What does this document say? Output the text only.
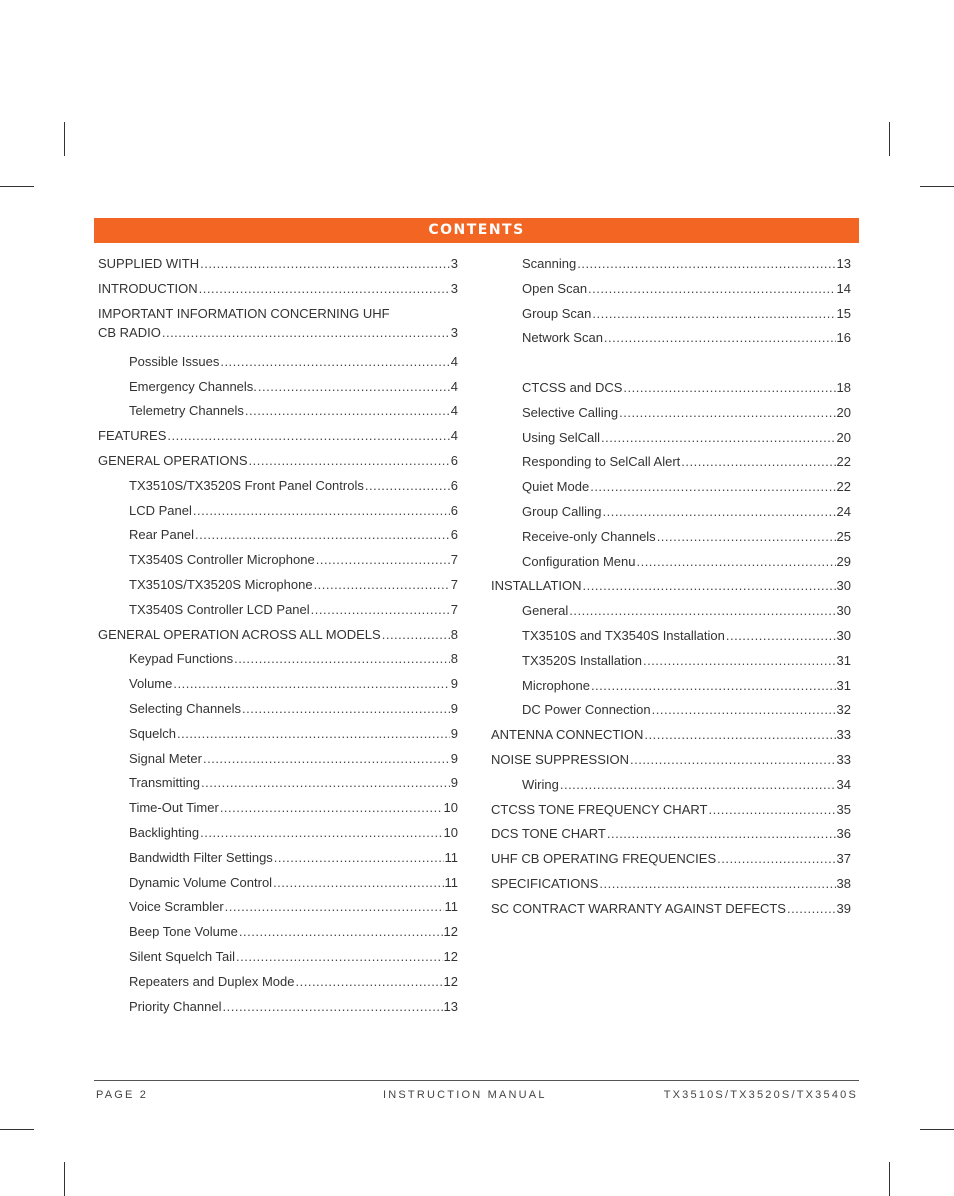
CONTENTS
SUPPLIED WITH .....	3
INTRODUCTION .....	3
IMPORTANT INFORMATION CONCERNING UHF
CB RADIO .....	3
Possible Issues .....	4
Emergency Channels. .....	4
Telemetry Channels .....	4
FEATURES .....	4
GENERAL OPERATIONS .....	6
TX3510S/TX3520S Front Panel Controls .....	6
LCD Panel .....	6
Rear Panel .....	6
TX3540S Controller Microphone .....	7
TX3510S/TX3520S Microphone .....	7
TX3540S Controller LCD Panel .....	7
GENERAL OPERATION ACROSS ALL MODELS .....	8
Keypad Functions .....	8
Volume .....	9
Selecting Channels .....	9
Squelch .....	9
Signal Meter .....	9
Transmitting .....	9
Time-Out Timer .....	10
Backlighting .....	10
Bandwidth Filter Settings .....	11
Dynamic Volume Control .....	11
Voice Scrambler .....	11
Beep Tone Volume .....	12
Silent Squelch Tail .....	12
Repeaters and Duplex Mode .....	12
Priority Channel .....	13
Scanning .....	13
Open Scan .....	14
Group Scan .....	15
Network Scan .....	16
CTCSS and DCS .....	18
Selective Calling .....	20
Using SelCall .....	20
Responding to SelCall Alert .....	22
Quiet Mode .....	22
Group Calling .....	24
Receive-only Channels .....	25
Configuration Menu .....	29
INSTALLATION .....	30
General .....	30
TX3510S and TX3540S Installation .....	30
TX3520S Installation .....	31
Microphone .....	31
DC Power Connection .....	32
ANTENNA CONNECTION .....	33
NOISE SUPPRESSION .....	33
Wiring .....	34
CTCSS TONE FREQUENCY CHART .....	35
DCS TONE CHART .....	36
UHF CB OPERATING FREQUENCIES .....	37
SPECIFICATIONS .....	38
SC CONTRACT WARRANTY AGAINST DEFECTS .....	39
PAGE 2	INSTRUCTION MANUAL	TX3510S/TX3520S/TX3540S
